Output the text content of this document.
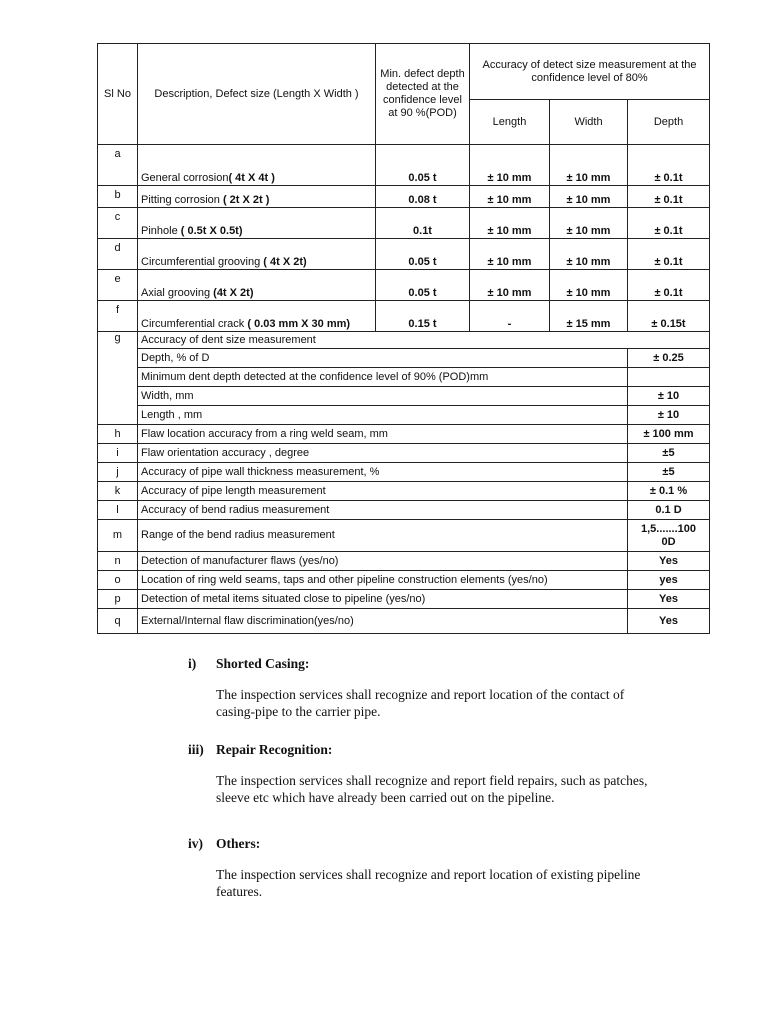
Sl No	Description, Defect size (Length X Width )	Min. defect depth detected at the confidence level at 90 %(POD)	Accuracy of detect size measurement at the confidence level of 80%		
			Length	Width	Depth
a	General corrosion( 4t X 4t )	0.05 t	± 10 mm	± 10 mm	± 0.1t
b	Pitting corrosion ( 2t X 2t )	0.08 t	± 10 mm	± 10 mm	± 0.1t
c	Pinhole ( 0.5t X 0.5t)	0.1t	± 10 mm	± 10 mm	± 0.1t
d	Circumferential grooving ( 4t X 2t)	0.05 t	± 10 mm	± 10 mm	± 0.1t
e	Axial grooving (4t X 2t)	0.05 t	± 10 mm	± 10 mm	± 0.1t
f	Circumferential crack ( 0.03 mm X 30 mm)	0.15 t	-	± 15 mm	± 0.15t
g	Accuracy of dent size measurement				
	Depth, % of D				± 0.25
	Minimum dent depth detected at the confidence level of 90% (POD)mm				
	Width, mm				± 10
	Length , mm				± 10
h	Flaw location accuracy from a ring weld seam, mm				± 100 mm
i	Flaw orientation accuracy , degree				±5
j	Accuracy of pipe wall thickness measurement, %				±5
k	Accuracy of pipe length measurement				± 0.1 %
l	Accuracy of bend radius measurement				0.1 D
m	Range of the bend radius measurement				1,5.......100
0D
n	Detection of manufacturer flaws (yes/no)				Yes
o	Location of ring weld seams, taps and other pipeline construction elements (yes/no)				yes
p	Detection of metal items situated close to pipeline (yes/no)				Yes
q	External/Internal flaw discrimination(yes/no)				Yes
i)	Shorted Casing:

The inspection services shall recognize and report location of the contact of casing-pipe to the carrier pipe.

iii) Repair Recognition:

The inspection services shall recognize and report field repairs, such as patches, sleeve etc which have already been carried out on the pipeline.

iv) Others:

The inspection services shall recognize and report location of existing pipeline features.
